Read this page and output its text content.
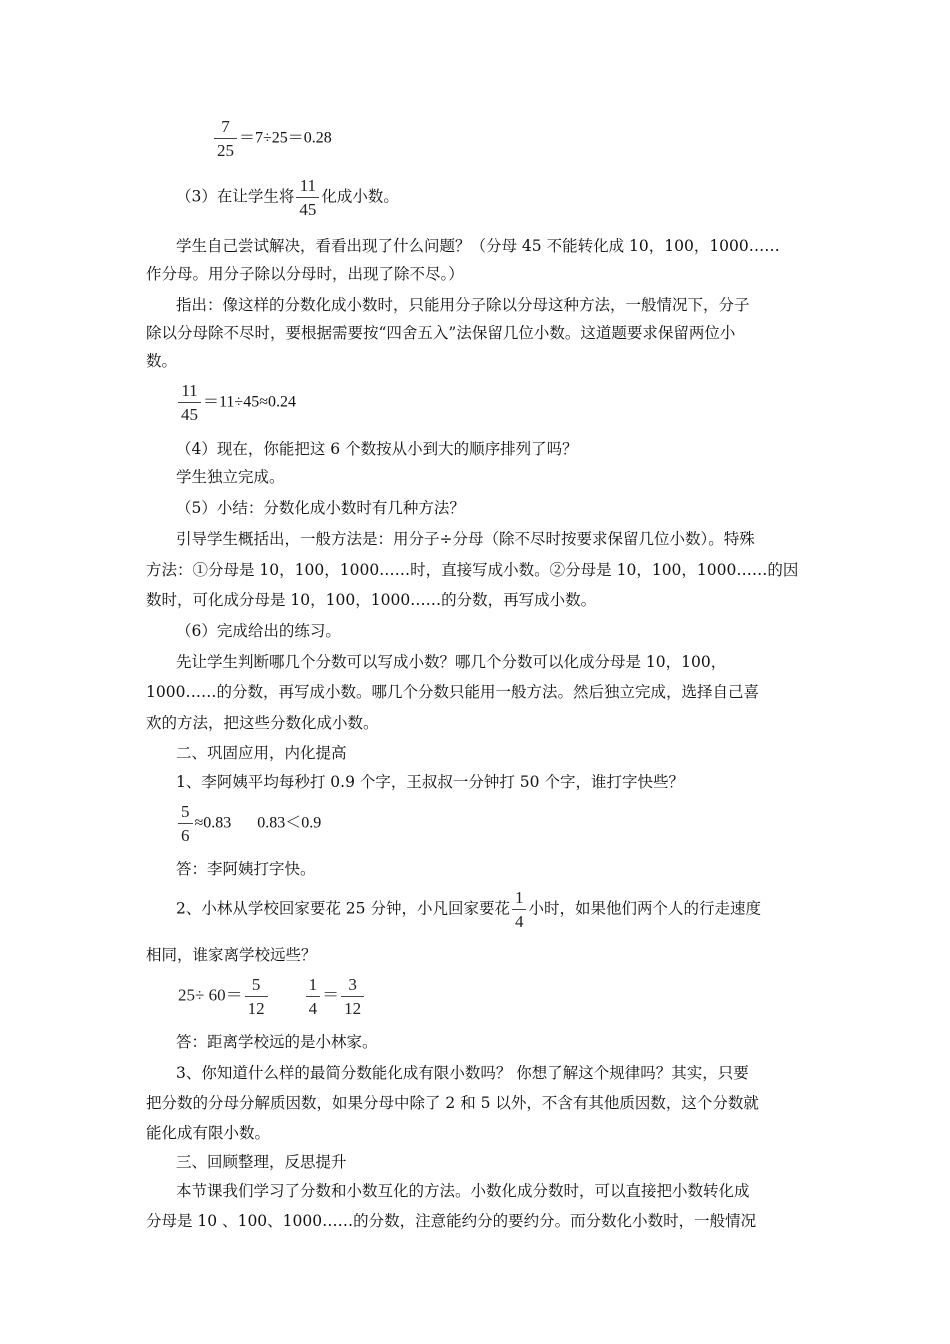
$\frac{7}{25} =7\div 25=0.28$
（3）在让学生将 $\frac{11}{45}$ 化成小数。
学生自己尝试解决，看看出现了什么问题？（分母 45 不能转化成 10，100，1000……
作分母。用分子除以分母时，出现了除不尽。）
指出：像这样的分数化成小数时，只能用分子除以分母这种方法，一般情况下，分子
除以分母除不尽时，要根据需要按“四舍五入”法保留几位小数。这道题要求保留两位小
数。
$\frac{11}{45} =11\div 45\approx 0.24$
（4）现在，你能把这 6 个数按从小到大的顺序排列了吗？
学生独立完成。
（5）小结：分数化成小数时有几种方法？
引导学生概括出，一般方法是：用分子÷分母（除不尽时按要求保留几位小数）。特殊
方法：①分母是 10，100，1000……时，直接写成小数。②分母是 10，100，1000……的因
数时，可化成分母是 10，100，1000……的分数，再写成小数。
（6）完成给出的练习。
先让学生判断哪几个分数可以写成小数？哪几个分数可以化成分母是 10，100，
1000……的分数，再写成小数。哪几个分数只能用一般方法。然后独立完成，选择自己喜
欢的方法，把这些分数化成小数。
二、巩固应用，内化提高
1、李阿姨平均每秒打 0.9 个字，王叔叔一分钟打 50 个字，谁打字快些？
$\frac{5}{6} \approx 0.83$ 0.83＜0.9
答：李阿姨打字快。
2、小林从学校回家要花 25 分钟，小凡回家要花 $\frac{1}{4}$ 小时，如果他们两个人的行走速度
相同，谁家离学校远些？
$25\div 60= \frac{5}{12} \frac{1}{4} = \frac{3}{12}$
答：距离学校远的是小林家。
3、你知道什么样的最简分数能化成有限小数吗？ 你想了解这个规律吗？其实，只要
把分数的分母分解质因数，如果分母中除了 2 和 5 以外，不含有其他质因数，这个分数就
能化成有限小数。
三、回顾整理，反思提升
本节课我们学习了分数和小数互化的方法。小数化成分数时，可以直接把小数转化成
分母是 10 、100、1000……的分数，注意能约分的要约分。而分数化小数时，一般情况
